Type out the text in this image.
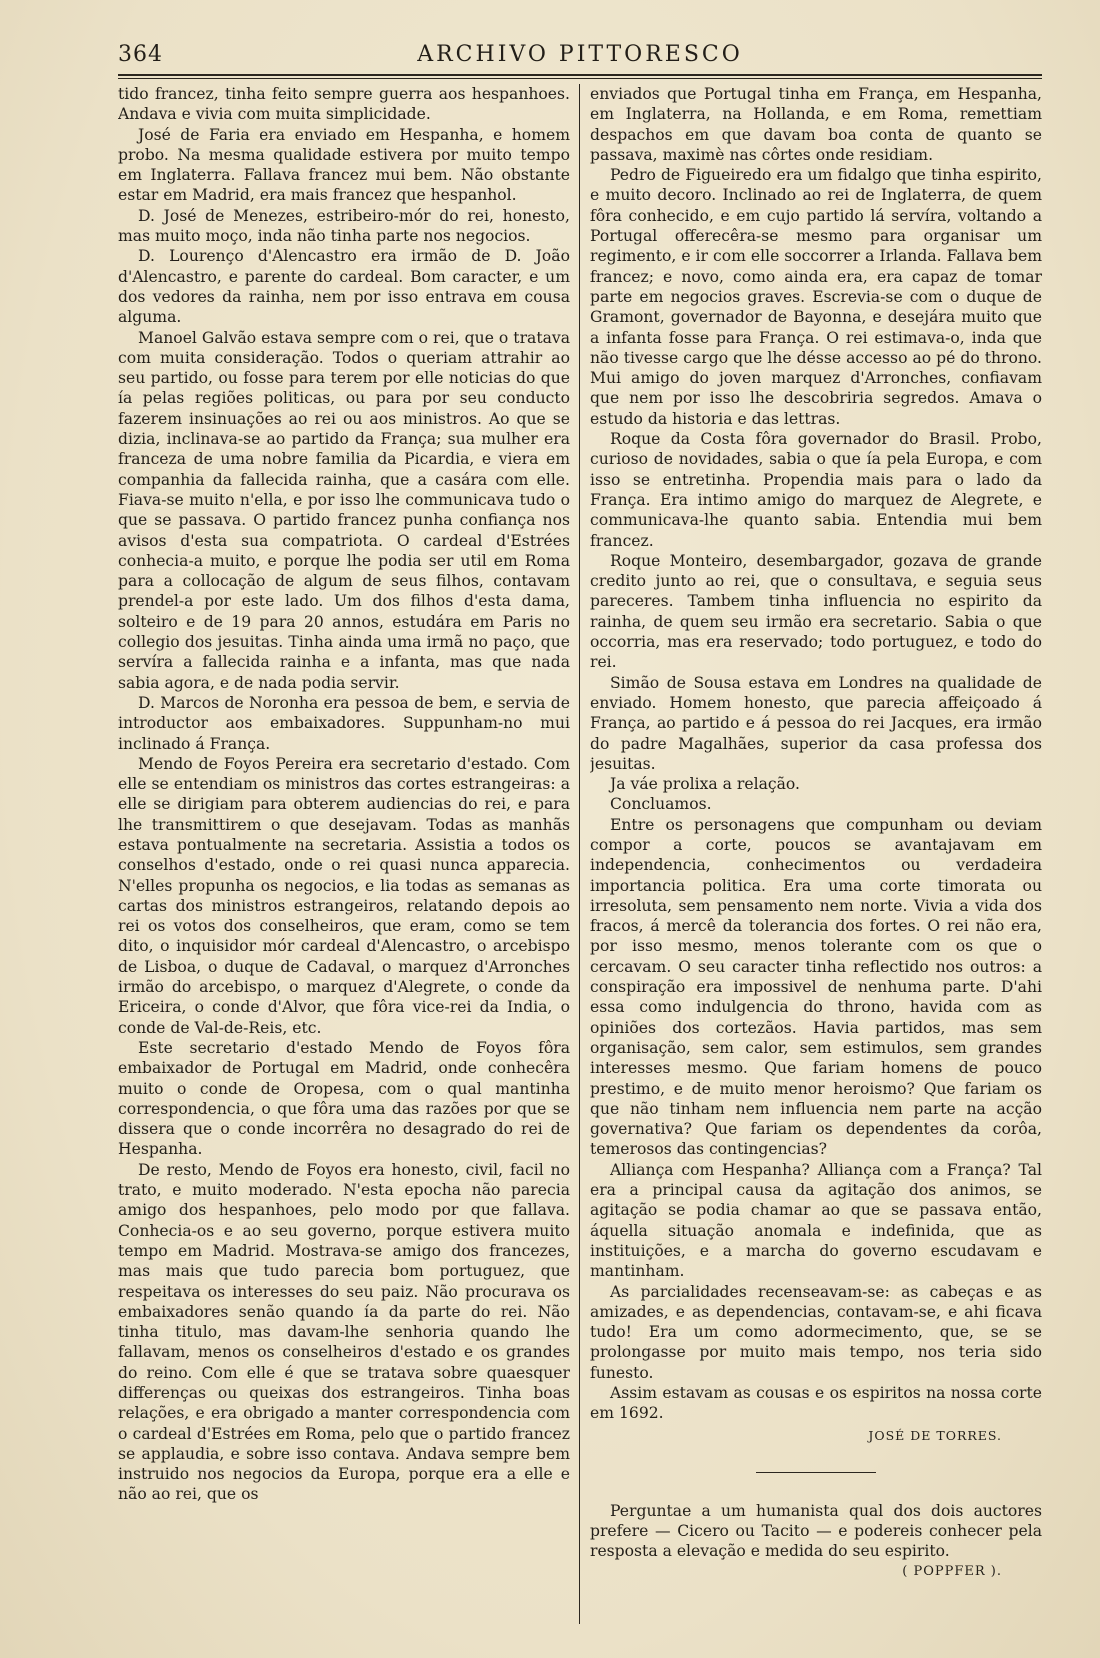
364	ARCHIVO PITTORESCO

tido francez, tinha feito sempre guerra aos hespanhoes. Andava e vivia com muita simplicidade.

José de Faria era enviado em Hespanha, e homem probo. Na mesma qualidade estivera por muito tempo em Inglaterra. Fallava francez mui bem. Não obstante estar em Madrid, era mais francez que hespanhol.

D. José de Menezes, estribeiro-mór do rei, honesto, mas muito moço, inda não tinha parte nos negocios.

D. Lourenço d'Alencastro era irmão de D. João d'Alencastro, e parente do cardeal. Bom caracter, e um dos vedores da rainha, nem por isso entrava em cousa alguma.

Manoel Galvão estava sempre com o rei, que o tratava com muita consideração. Todos o queriam attrahir ao seu partido, ou fosse para terem por elle noticias do que ía pelas regiões politicas, ou para por seu conducto fazerem insinuações ao rei ou aos ministros. Ao que se dizia, inclinava-se ao partido da França; sua mulher era franceza de uma nobre familia da Picardia, e viera em companhia da fallecida rainha, que a casára com elle. Fiava-se muito n'ella, e por isso lhe communicava tudo o que se passava. O partido francez punha confiança nos avisos d'esta sua compatriota. O cardeal d'Estrées conhecia-a muito, e porque lhe podia ser util em Roma para a collocação de algum de seus filhos, contavam prendel-a por este lado. Um dos filhos d'esta dama, solteiro e de 19 para 20 annos, estudára em Paris no collegio dos jesuitas. Tinha ainda uma irmã no paço, que servíra a fallecida rainha e a infanta, mas que nada sabia agora, e de nada podia servir.

D. Marcos de Noronha era pessoa de bem, e servia de introductor aos embaixadores. Suppunham-no mui inclinado á França.

Mendo de Foyos Pereira era secretario d'estado. Com elle se entendiam os ministros das cortes estrangeiras: a elle se dirigiam para obterem audiencias do rei, e para lhe transmittirem o que desejavam. Todas as manhãs estava pontualmente na secretaria. Assistia a todos os conselhos d'estado, onde o rei quasi nunca apparecia. N'elles propunha os negocios, e lia todas as semanas as cartas dos ministros estrangeiros, relatando depois ao rei os votos dos conselheiros, que eram, como se tem dito, o inquisidor mór cardeal d'Alencastro, o arcebispo de Lisboa, o duque de Cadaval, o marquez d'Arronches irmão do arcebispo, o marquez d'Alegrete, o conde da Ericeira, o conde d'Alvor, que fôra vice-rei da India, o conde de Val-de-Reis, etc.

Este secretario d'estado Mendo de Foyos fôra embaixador de Portugal em Madrid, onde conhecêra muito o conde de Oropesa, com o qual mantinha correspondencia, o que fôra uma das razões por que se dissera que o conde incorrêra no desagrado do rei de Hespanha.

De resto, Mendo de Foyos era honesto, civil, facil no trato, e muito moderado. N'esta epocha não parecia amigo dos hespanhoes, pelo modo por que fallava. Conhecia-os e ao seu governo, porque estivera muito tempo em Madrid. Mostrava-se amigo dos francezes, mas mais que tudo parecia bom portuguez, que respeitava os interesses do seu paiz. Não procurava os embaixadores senão quando ía da parte do rei. Não tinha titulo, mas davam-lhe senhoria quando lhe fallavam, menos os conselheiros d'estado e os grandes do reino. Com elle é que se tratava sobre quaesquer differenças ou queixas dos estrangeiros. Tinha boas relações, e era obrigado a manter correspondencia com o cardeal d'Estrées em Roma, pelo que o partido francez se applaudia, e sobre isso contava. Andava sempre bem instruido nos negocios da Europa, porque era a elle e não ao rei, que os

enviados que Portugal tinha em França, em Hespanha, em Inglaterra, na Hollanda, e em Roma, remettiam despachos em que davam boa conta de quanto se passava, maximè nas côrtes onde residiam.

Pedro de Figueiredo era um fidalgo que tinha espirito, e muito decoro. Inclinado ao rei de Inglaterra, de quem fôra conhecido, e em cujo partido lá servíra, voltando a Portugal offerecêra-se mesmo para organisar um regimento, e ir com elle soccorrer a Irlanda. Fallava bem francez; e novo, como ainda era, era capaz de tomar parte em negocios graves. Escrevia-se com o duque de Gramont, governador de Bayonna, e desejára muito que a infanta fosse para França. O rei estimava-o, inda que não tivesse cargo que lhe désse accesso ao pé do throno. Mui amigo do joven marquez d'Arronches, confiavam que nem por isso lhe descobriria segredos. Amava o estudo da historia e das lettras.

Roque da Costa fôra governador do Brasil. Probo, curioso de novidades, sabia o que ía pela Europa, e com isso se entretinha. Propendia mais para o lado da França. Era intimo amigo do marquez de Alegrete, e communicava-lhe quanto sabia. Entendia mui bem francez.

Roque Monteiro, desembargador, gozava de grande credito junto ao rei, que o consultava, e seguia seus pareceres. Tambem tinha influencia no espirito da rainha, de quem seu irmão era secretario. Sabia o que occorria, mas era reservado; todo portuguez, e todo do rei.

Simão de Sousa estava em Londres na qualidade de enviado. Homem honesto, que parecia affeiçoado á França, ao partido e á pessoa do rei Jacques, era irmão do padre Magalhães, superior da casa professa dos jesuitas.

Ja váe prolixa a relação.

Concluamos.

Entre os personagens que compunham ou deviam compor a corte, poucos se avantajavam em independencia, conhecimentos ou verdadeira importancia politica. Era uma corte timorata ou irresoluta, sem pensamento nem norte. Vivia a vida dos fracos, á mercê da tolerancia dos fortes. O rei não era, por isso mesmo, menos tolerante com os que o cercavam. O seu caracter tinha reflectido nos outros: a conspiração era impossivel de nenhuma parte. D'ahi essa como indulgencia do throno, havida com as opiniões dos cortezãos. Havia partidos, mas sem organisação, sem calor, sem estimulos, sem grandes interesses mesmo. Que fariam homens de pouco prestimo, e de muito menor heroismo? Que fariam os que não tinham nem influencia nem parte na acção governativa? Que fariam os dependentes da corôa, temerosos das contingencias?

Alliança com Hespanha? Alliança com a França? Tal era a principal causa da agitação dos animos, se agitação se podia chamar ao que se passava então, áquella situação anomala e indefinida, que as instituições, e a marcha do governo escudavam e mantinham.

As parcialidades recenseavam-se: as cabeças e as amizades, e as dependencias, contavam-se, e ahi ficava tudo! Era um como adormecimento, que, se se prolongasse por muito mais tempo, nos teria sido funesto.

Assim estavam as cousas e os espiritos na nossa corte em 1692.

JOSÉ DE TORRES.

Perguntae a um humanista qual dos dois auctores prefere — Cicero ou Tacito — e podereis conhecer pela resposta a elevação e medida do seu espirito.

( POPPFER ).
